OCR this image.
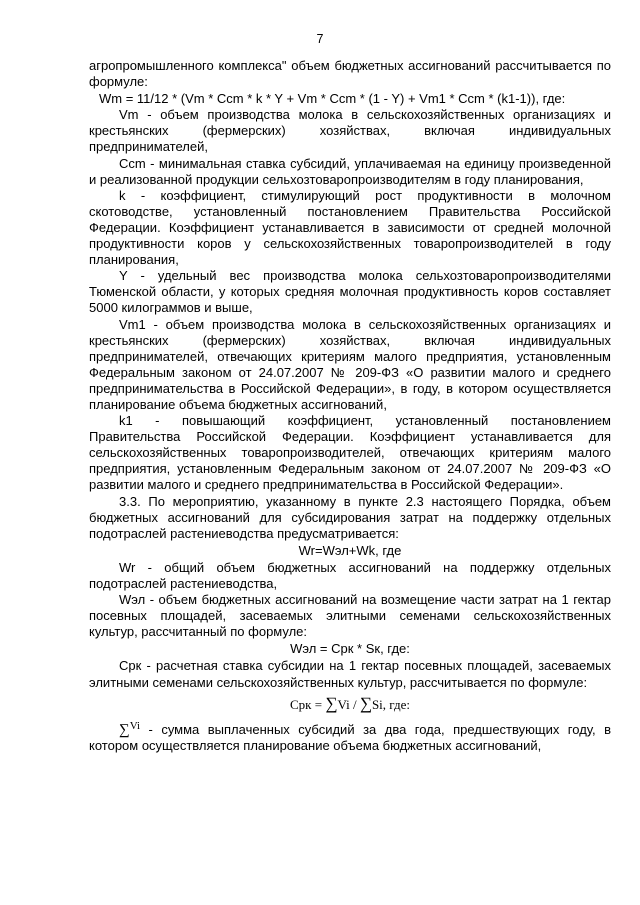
7

агропромышленного комплекса" объем бюджетных ассигнований рассчитывается по формуле:

Wm = 11/12 * (Vm * Ccm * k * Y + Vm * Ccm * (1 - Y) + Vm1 * Ccm * (k1-1)), где:

Vm - объем производства молока в сельскохозяйственных организациях и крестьянских (фермерских) хозяйствах, включая индивидуальных предпринимателей,

Ccm - минимальная ставка субсидий, уплачиваемая на единицу произведенной и реализованной продукции сельхозтоваропроизводителям в году планирования,

k - коэффициент, стимулирующий рост продуктивности в молочном скотоводстве, установленный постановлением Правительства Российской Федерации. Коэффициент устанавливается в зависимости от средней молочной продуктивности коров у сельскохозяйственных товаропроизводителей в году планирования,

Y - удельный вес производства молока сельхозтоваропроизводителями Тюменской области, у которых средняя молочная продуктивность коров составляет 5000 килограммов и выше,

Vm1 - объем производства молока в сельскохозяйственных организациях и крестьянских (фермерских) хозяйствах, включая индивидуальных предпринимателей, отвечающих критериям малого предприятия, установленным Федеральным законом от 24.07.2007 № 209-ФЗ «О развитии малого и среднего предпринимательства в Российской Федерации», в году, в котором осуществляется планирование объема бюджетных ассигнований,

k1 - повышающий коэффициент, установленный постановлением Правительства Российской Федерации. Коэффициент устанавливается для сельскохозяйственных товаропроизводителей, отвечающих критериям малого предприятия, установленным Федеральным законом от 24.07.2007 № 209-ФЗ «О развитии малого и среднего предпринимательства в Российской Федерации».

3.3. По мероприятию, указанному в пункте 2.3 настоящего Порядка, объем бюджетных ассигнований для субсидирования затрат на поддержку отдельных подотраслей растениеводства предусматривается:

Wr=Wэл+Wk, где

Wr - общий объем бюджетных ассигнований на поддержку отдельных подотраслей растениеводства,

Wэл - объем бюджетных ассигнований на возмещение части затрат на 1 гектар посевных площадей, засеваемых элитными семенами сельскохозяйственных культур, рассчитанный по формуле:

Wэл = Срк * Sк, где:

Срк - расчетная ставка субсидии на 1 гектар посевных площадей, засеваемых элитными семенами сельскохозяйственных культур, рассчитывается по формуле:

Срк = ∑Vi / ∑Si, где:

∑$^{Vi}$ - сумма выплаченных субсидий за два года, предшествующих году, в котором осуществляется планирование объема бюджетных ассигнований,
